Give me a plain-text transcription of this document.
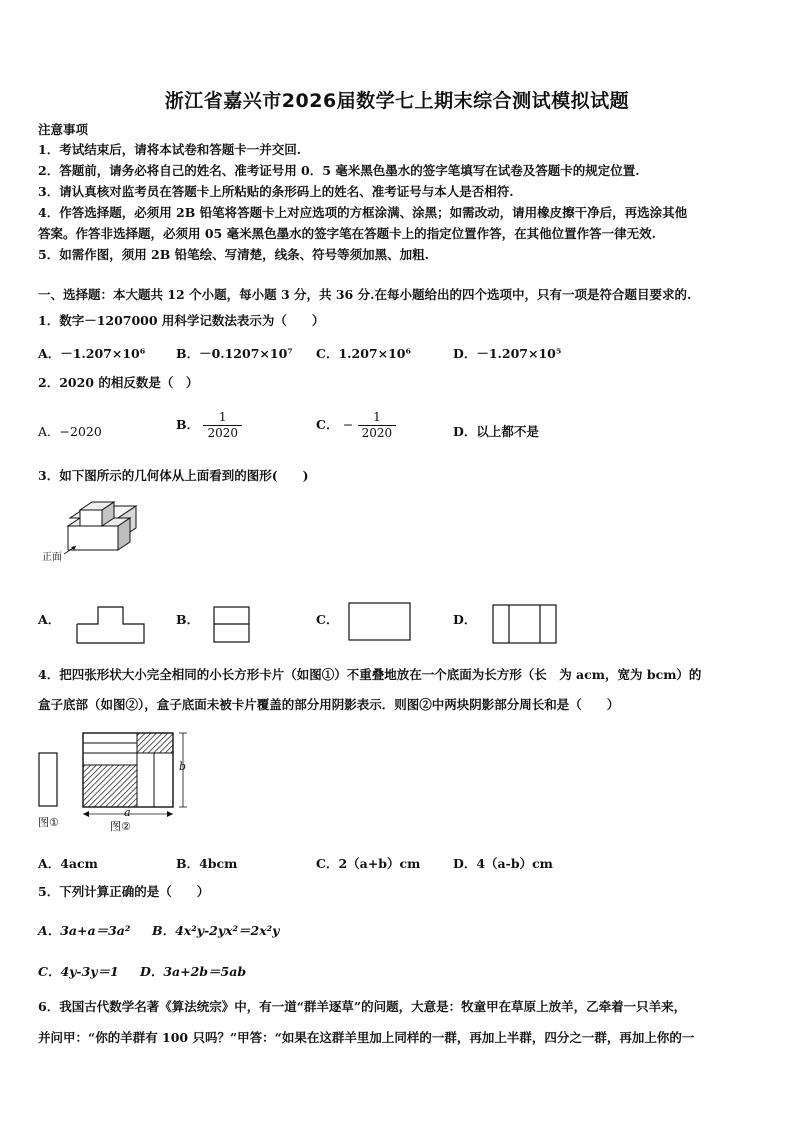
浙江省嘉兴市2026届数学七上期末综合测试模拟试题
注意事项
1．考试结束后，请将本试卷和答题卡一并交回.
2．答题前，请务必将自己的姓名、准考证号用 0．5 毫米黑色墨水的签字笔填写在试卷及答题卡的规定位置.
3．请认真核对监考员在答题卡上所粘贴的条形码上的姓名、准考证号与本人是否相符.
4．作答选择题，必须用 2B 铅笔将答题卡上对应选项的方框涂满、涂黑；如需改动，请用橡皮擦干净后，再选涂其他
答案。作答非选择题，必须用 05 毫米黑色墨水的签字笔在答题卡上的指定位置作答，在其他位置作答一律无效.
5．如需作图，须用 2B 铅笔绘、写清楚，线条、符号等须加黑、加粗.
一、选择题：本大题共 12 个小题，每小题 3 分，共 36 分.在每小题给出的四个选项中，只有一项是符合题目要求的.
1．数字－1207000 用科学记数法表示为（　　）
A．－1.207×10⁶ B．－0.1207×10⁷ C．1.207×10⁶	D．－1.207×10⁵
2．2020 的相反数是（　）
A．−2020	B． $\frac{1}{2020}$	C． − $\frac{1}{2020}$	D．以上都不是
3．如下图所示的几何体从上面看到的图形(　　)
正面
A．	B．	C．	D．
4．把四张形状大小完全相同的小长方形卡片（如图①）不重叠地放在一个底面为长方形（长　为 acm，宽为 bcm）的
盒子底部（如图②），盒子底面未被卡片覆盖的部分用阴影表示．则图②中两块阴影部分周长和是（　　）
图①
b
a
图②
A．4acm	B．4bcm	C．2（a+b）cm	D．4（a-b）cm
5．下列计算正确的是（　　）
A．3a+a＝3a² B．4x²y-2yx²＝2x²y
C．4y-3y＝1 D．3a+2b＝5ab
6．我国古代数学名著《算法统宗》中，有一道“群羊逐草”的问题，大意是：牧童甲在草原上放羊，乙牵着一只羊来，
并问甲：“你的羊群有 100 只吗？”甲答：“如果在这群羊里加上同样的一群，再加上半群，四分之一群，再加上你的一
